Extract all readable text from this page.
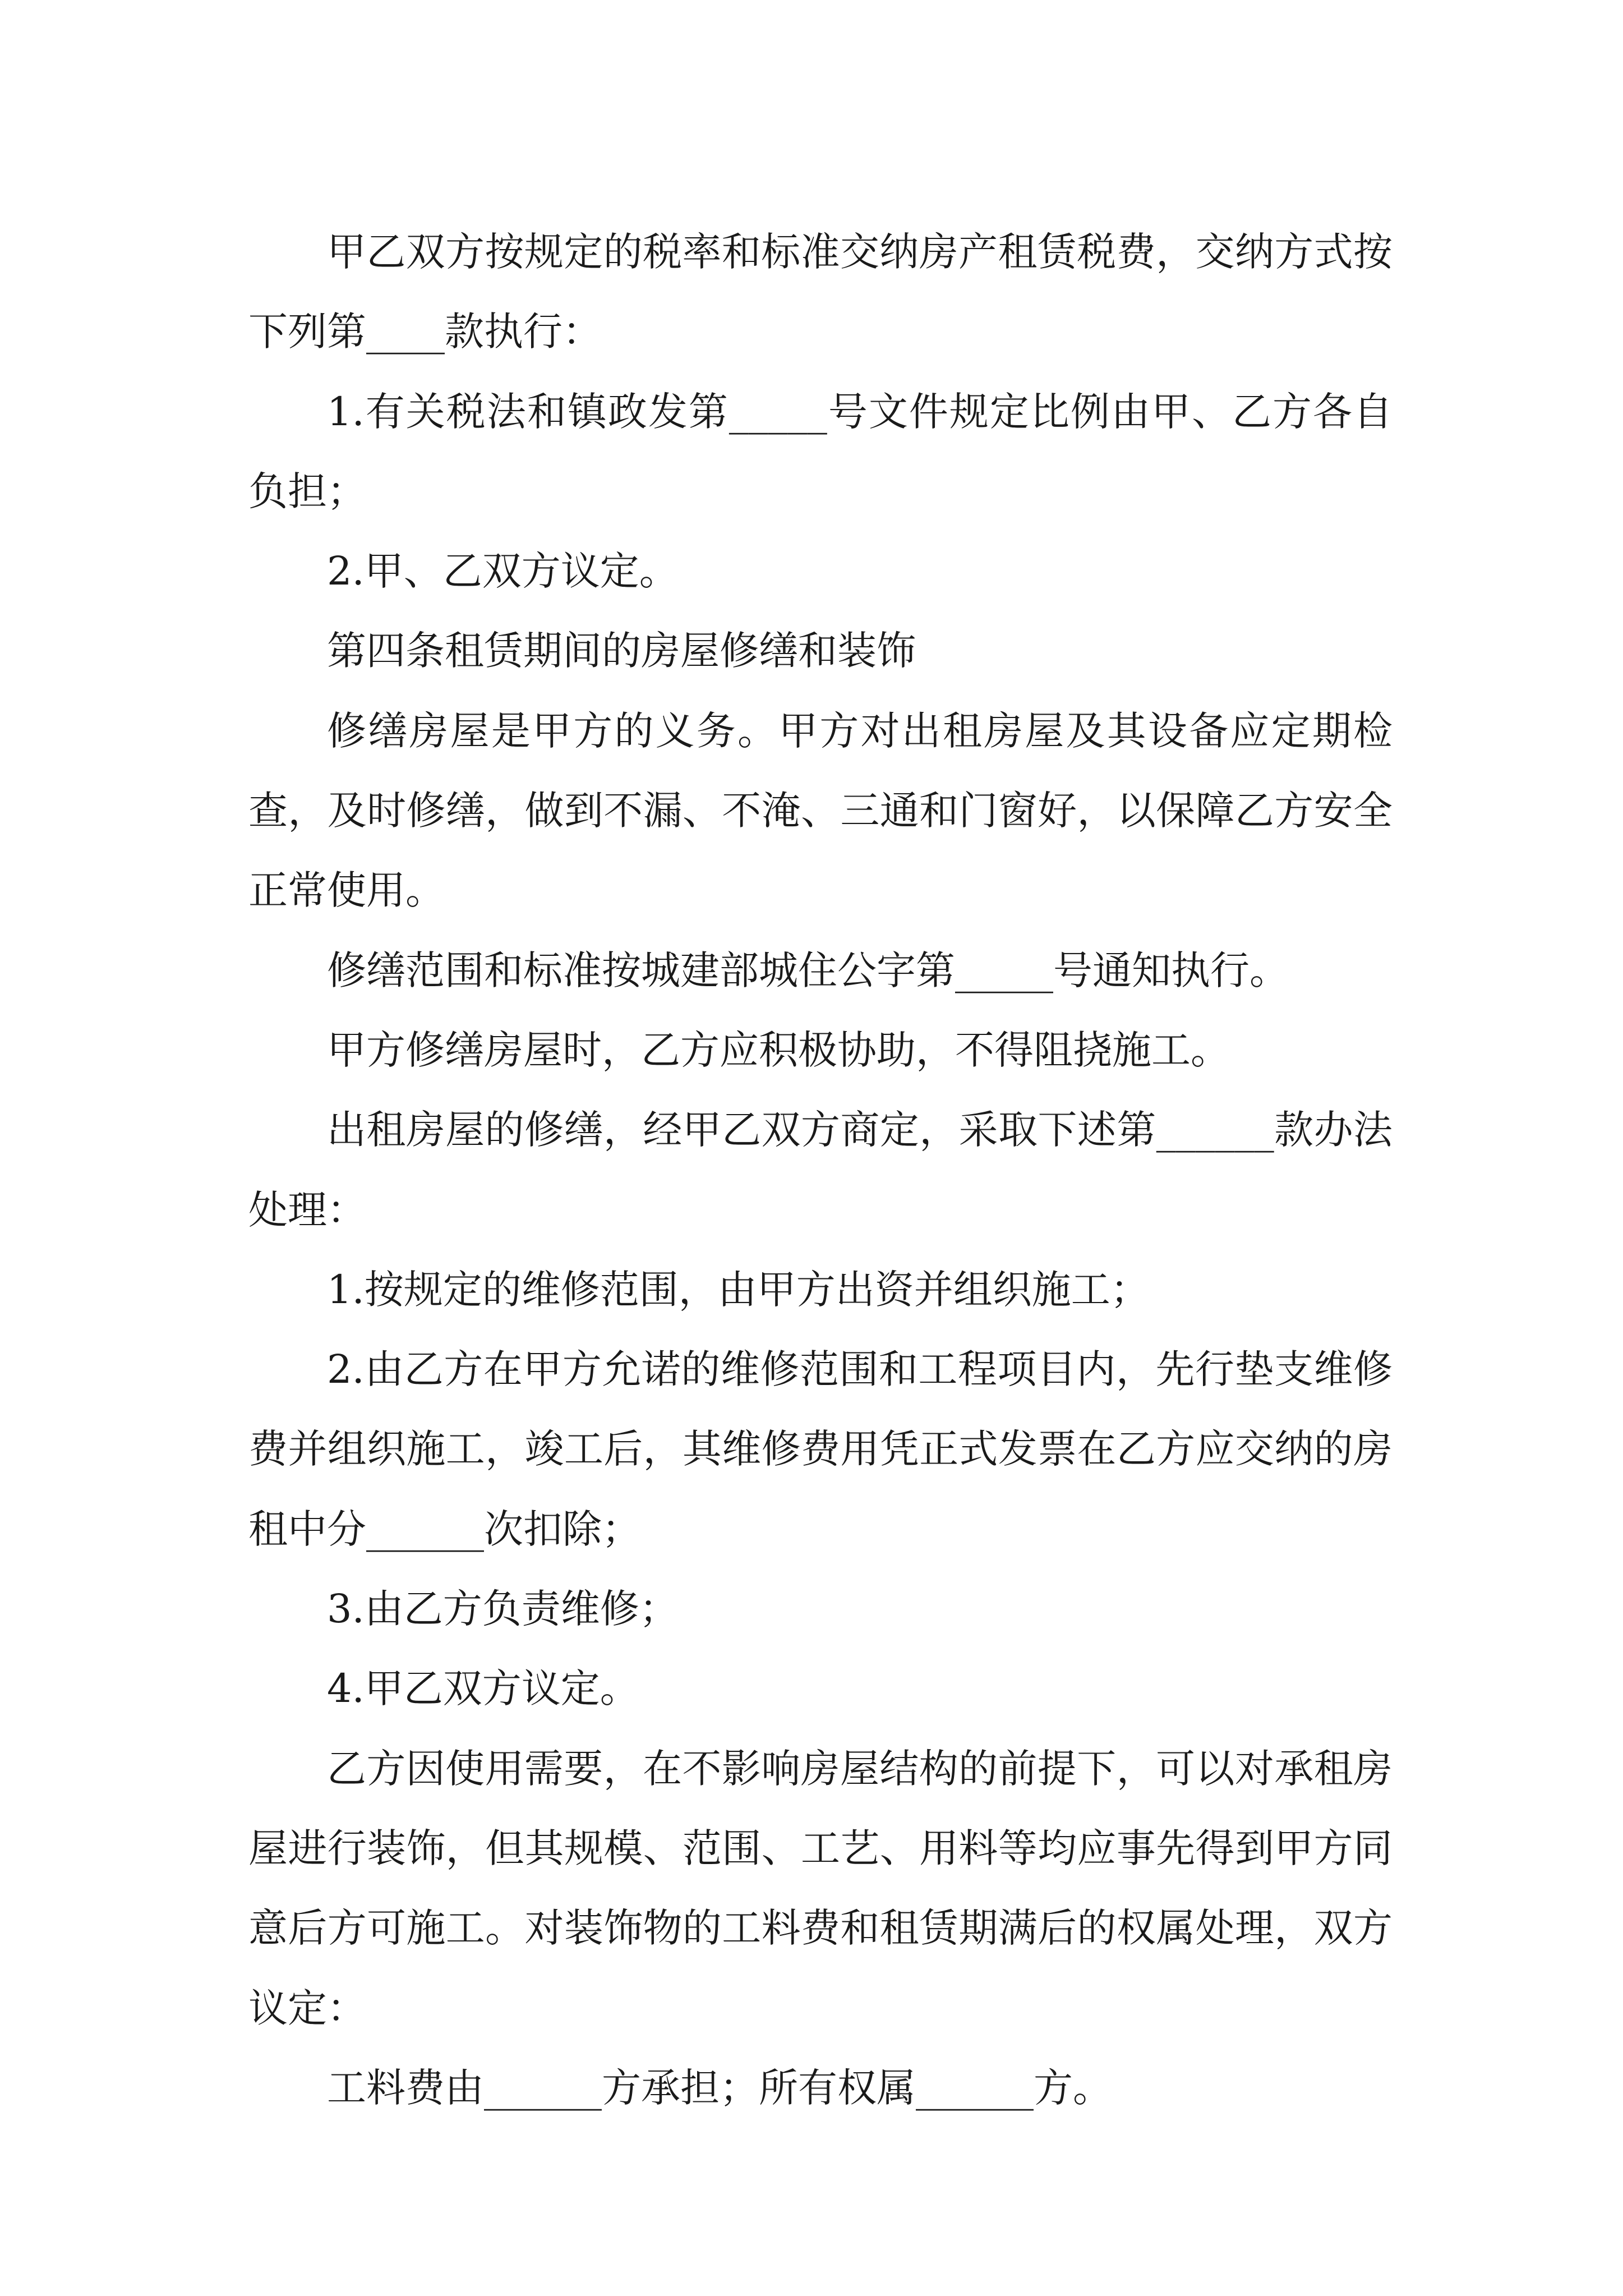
甲乙双方按规定的税率和标准交纳房产租赁税费，交纳方式按下列第____款执行：

1.有关税法和镇政发第_____号文件规定比例由甲、乙方各自负担；

2.甲、乙双方议定。

第四条租赁期间的房屋修缮和装饰

修缮房屋是甲方的义务。甲方对出租房屋及其设备应定期检查，及时修缮，做到不漏、不淹、三通和门窗好，以保障乙方安全正常使用。

修缮范围和标准按城建部城住公字第_____号通知执行。

甲方修缮房屋时，乙方应积极协助，不得阻挠施工。

出租房屋的修缮，经甲乙双方商定，采取下述第______款办法处理：

1.按规定的维修范围，由甲方出资并组织施工；

2.由乙方在甲方允诺的维修范围和工程项目内，先行垫支维修费并组织施工，竣工后，其维修费用凭正式发票在乙方应交纳的房租中分______次扣除；

3.由乙方负责维修；

4.甲乙双方议定。

乙方因使用需要，在不影响房屋结构的前提下，可以对承租房屋进行装饰，但其规模、范围、工艺、用料等均应事先得到甲方同意后方可施工。对装饰物的工料费和租赁期满后的权属处理，双方议定：

工料费由______方承担；所有权属______方。
